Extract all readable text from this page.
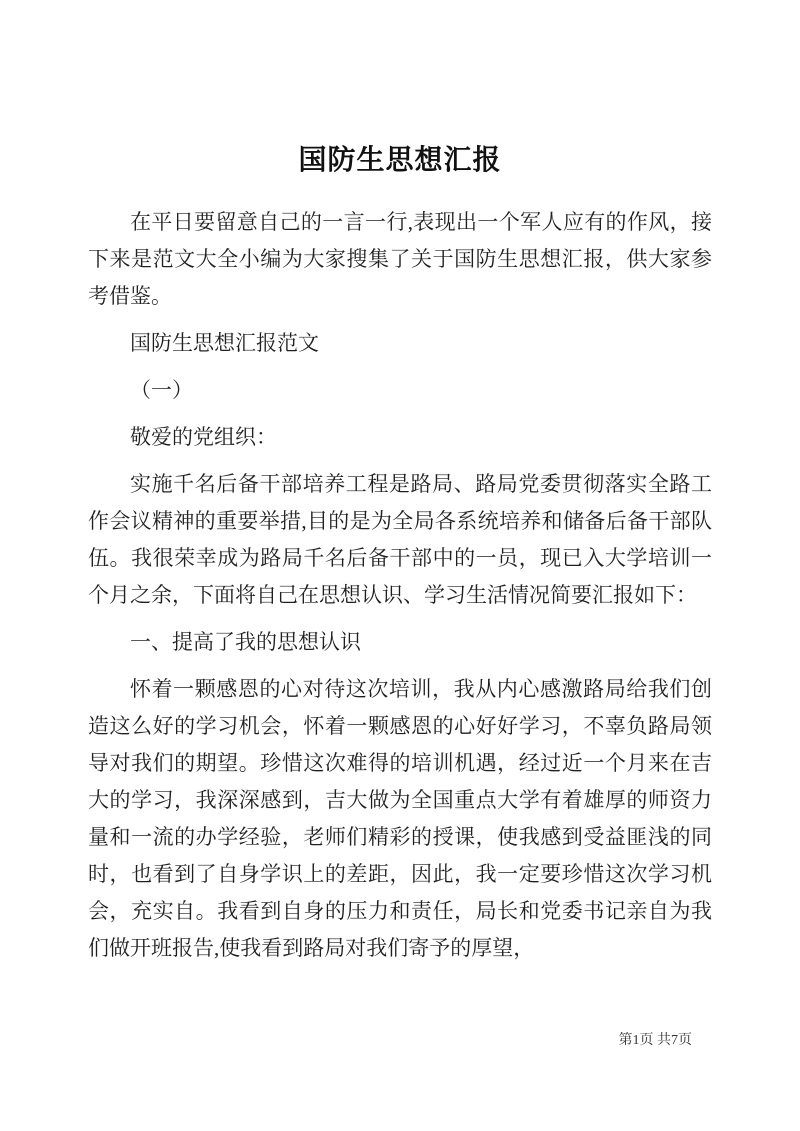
国防生思想汇报

在平日要留意自己的一言一行,表现出一个军人应有的作风，接下来是范文大全小编为大家搜集了关于国防生思想汇报，供大家参考借鉴。

国防生思想汇报范文

（一）

敬爱的党组织：

实施千名后备干部培养工程是路局、路局党委贯彻落实全路工作会议精神的重要举措,目的是为全局各系统培养和储备后备干部队伍。我很荣幸成为路局千名后备干部中的一员，现已入大学培训一个月之余，下面将自己在思想认识、学习生活情况简要汇报如下：

一、提高了我的思想认识

怀着一颗感恩的心对待这次培训，我从内心感激路局给我们创造这么好的学习机会，怀着一颗感恩的心好好学习，不辜负路局领导对我们的期望。珍惜这次难得的培训机遇，经过近一个月来在吉大的学习，我深深感到，吉大做为全国重点大学有着雄厚的师资力量和一流的办学经验，老师们精彩的授课，使我感到受益匪浅的同时，也看到了自身学识上的差距，因此，我一定要珍惜这次学习机会，充实自。我看到自身的压力和责任，局长和党委书记亲自为我们做开班报告,使我看到路局对我们寄予的厚望，

第1页 共7页
